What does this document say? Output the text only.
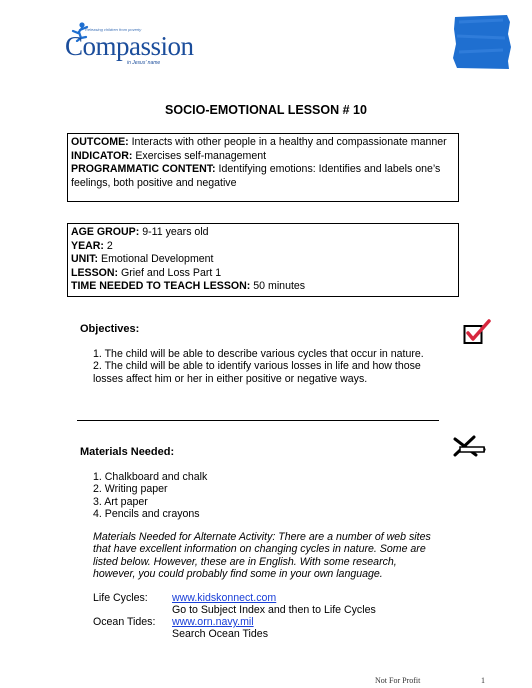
Releasing children from poverty
Compassion
in Jesus' name
SOCIO-EMOTIONAL LESSON # 10
OUTCOME: Interacts with other people in a healthy and compassionate manner
INDICATOR: Exercises self-management
PROGRAMMATIC CONTENT: Identifying emotions: Identifies and labels one’s
feelings, both positive and negative
AGE GROUP: 9-11 years old
YEAR: 2
UNIT: Emotional Development
LESSON: Grief and Loss Part 1
TIME NEEDED TO TEACH LESSON: 50 minutes
Objectives:
1. The child will be able to describe various cycles that occur in nature.
2. The child will be able to identify various losses in life and how those
losses affect him or her in either positive or negative ways.
Materials Needed:
1. Chalkboard and chalk
2. Writing paper
3. Art paper
4. Pencils and crayons
Materials Needed for Alternate Activity: There are a number of web sites
that have excellent information on changing cycles in nature. Some are
listed below. However, these are in English. With some research,
however, you could probably find some in your own language.
Life Cycles: www.kidskonnect.com
Go to Subject Index and then to Life Cycles
Ocean Tides: www.orn.navy.mil
Search Ocean Tides
Not For Profit	1
